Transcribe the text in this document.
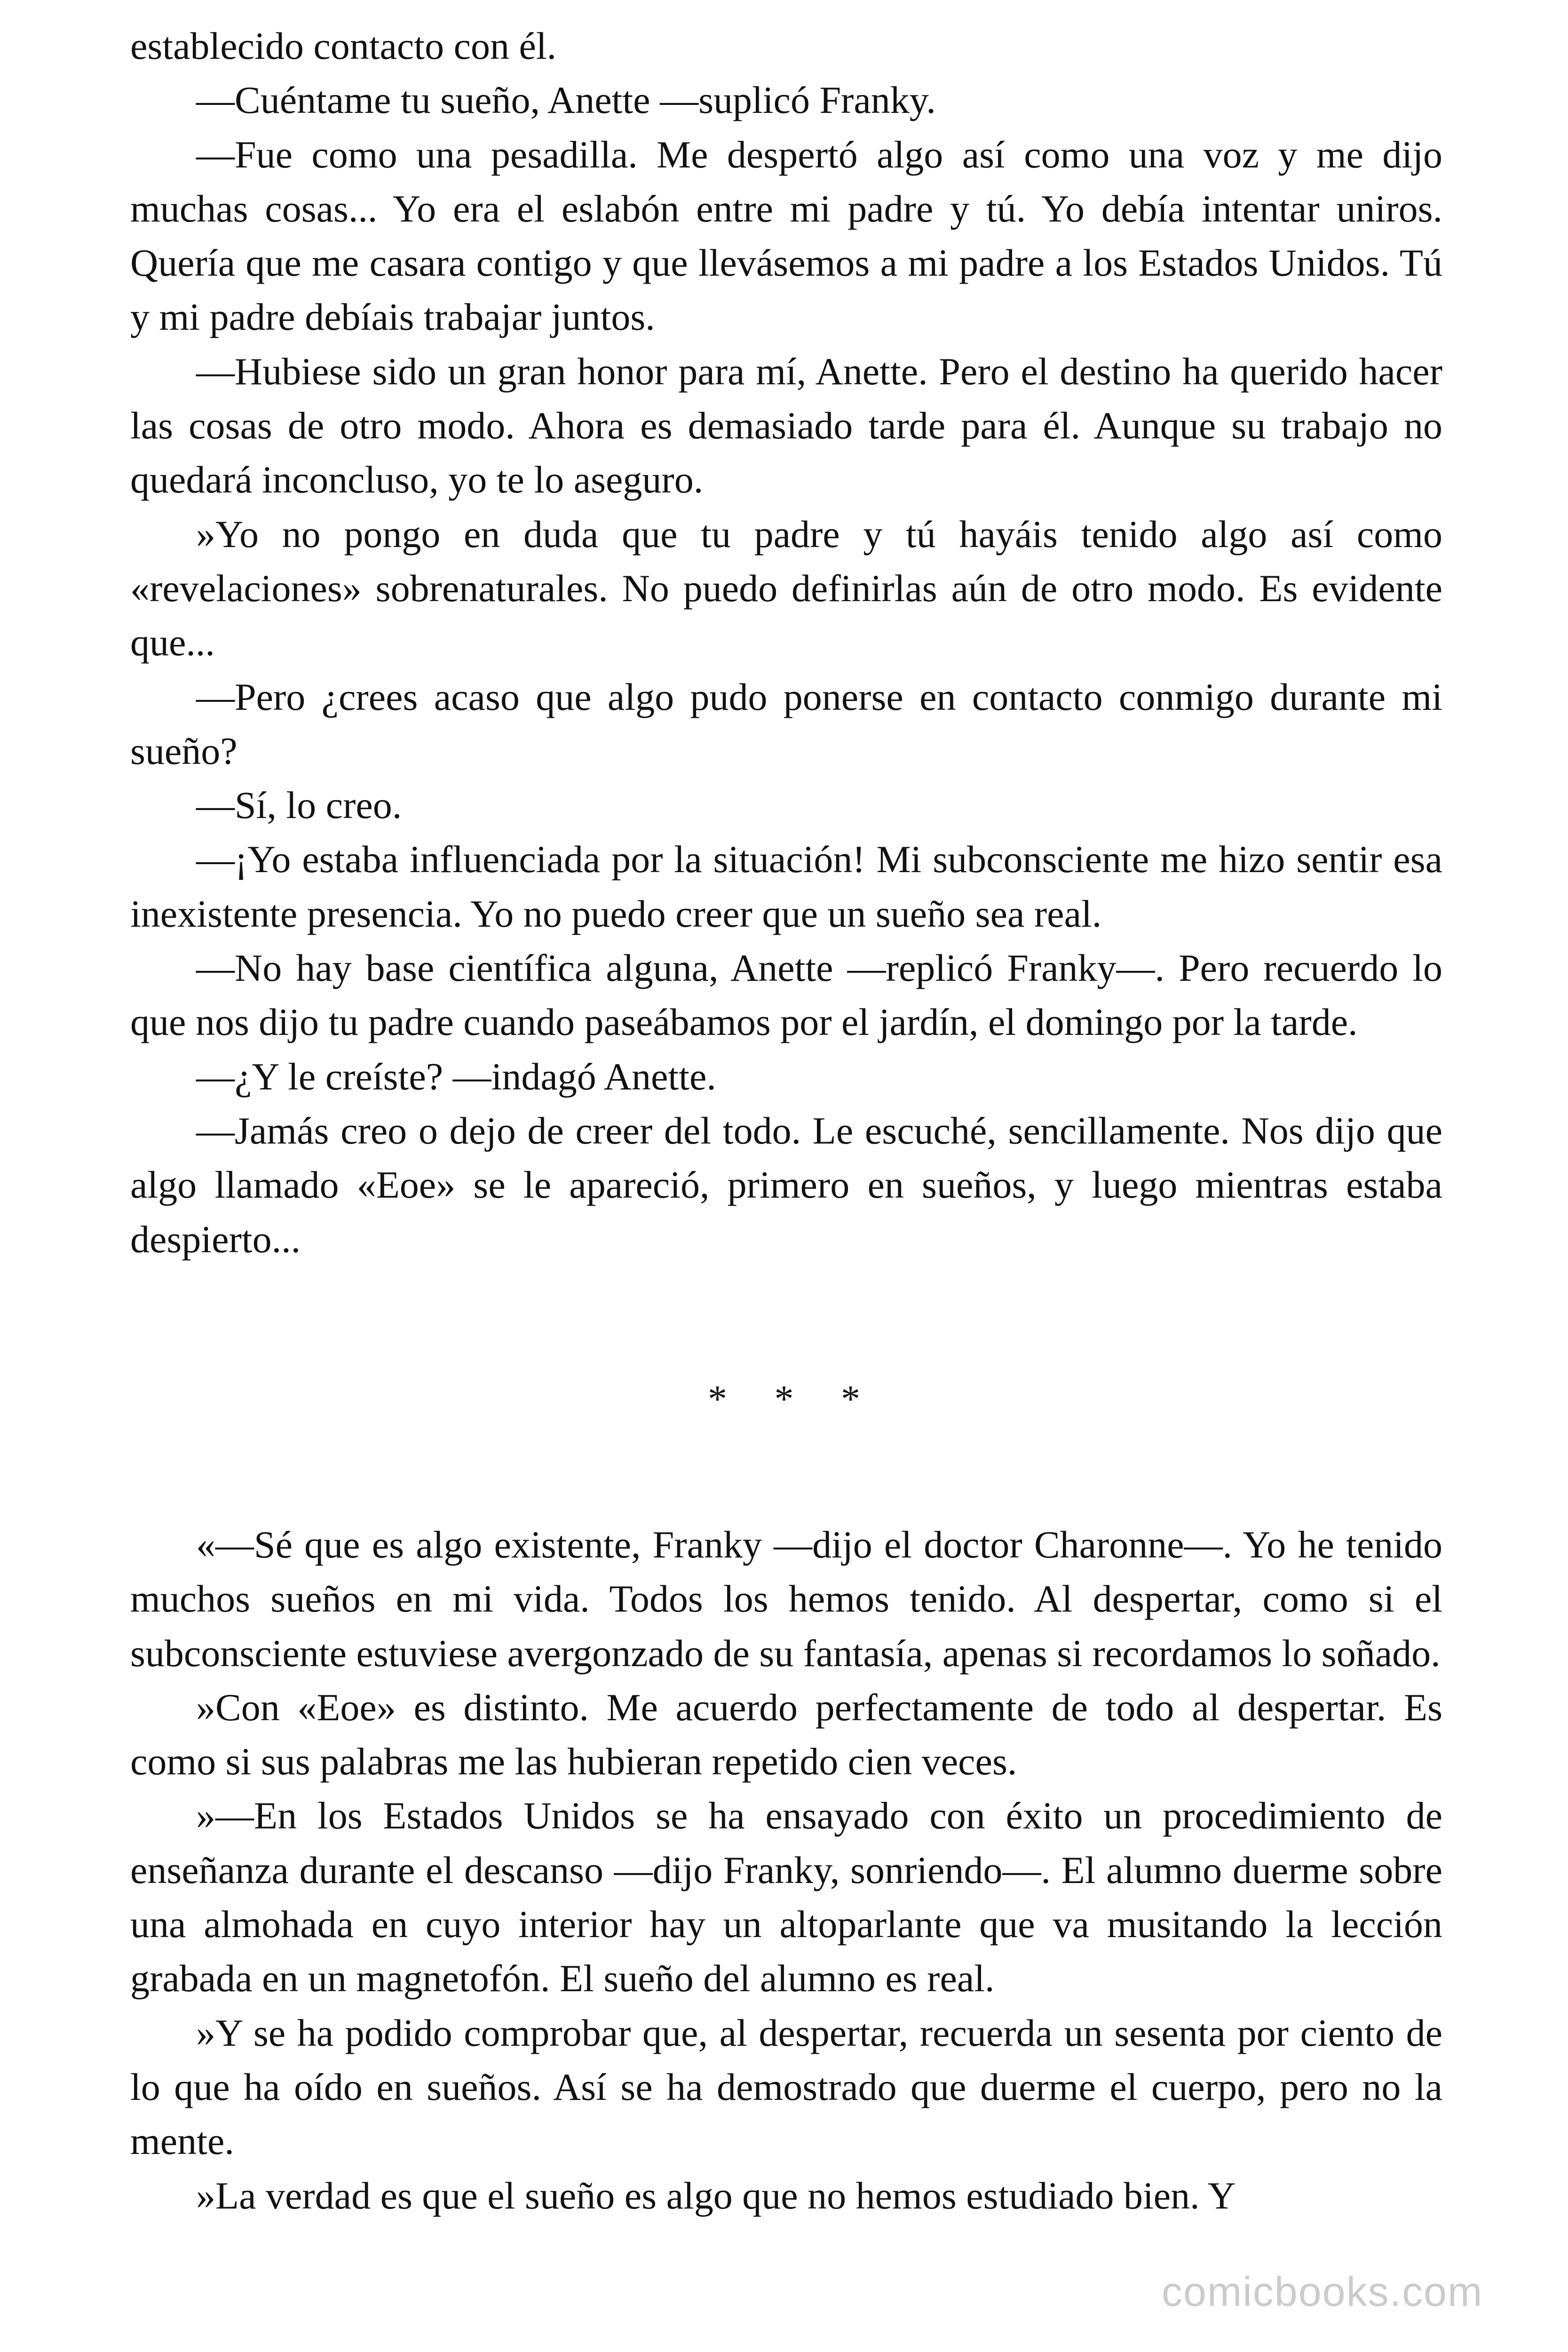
establecido contacto con él.

—Cuéntame tu sueño, Anette —suplicó Franky.

—Fue como una pesadilla. Me despertó algo así como una voz y me dijo muchas cosas... Yo era el eslabón entre mi padre y tú. Yo debía intentar uniros. Quería que me casara contigo y que llevásemos a mi padre a los Estados Unidos. Tú y mi padre debíais trabajar juntos.

—Hubiese sido un gran honor para mí, Anette. Pero el destino ha querido hacer las cosas de otro modo. Ahora es demasiado tarde para él. Aunque su trabajo no quedará inconcluso, yo te lo aseguro.

»Yo no pongo en duda que tu padre y tú hayáis tenido algo así como «revelaciones» sobrenaturales. No puedo definirlas aún de otro modo. Es evidente que...

—Pero ¿crees acaso que algo pudo ponerse en contacto conmigo durante mi sueño?

—Sí, lo creo.

—¡Yo estaba influenciada por la situación! Mi subconsciente me hizo sentir esa inexistente presencia. Yo no puedo creer que un sueño sea real.

—No hay base científica alguna, Anette —replicó Franky—. Pero recuerdo lo que nos dijo tu padre cuando paseábamos por el jardín, el domingo por la tarde.

—¿Y le creíste? —indagó Anette.

—Jamás creo o dejo de creer del todo. Le escuché, sencillamente. Nos dijo que algo llamado «Eoe» se le apareció, primero en sueños, y luego mientras estaba despierto...

* * *

«—Sé que es algo existente, Franky —dijo el doctor Charonne—. Yo he tenido muchos sueños en mi vida. Todos los hemos tenido. Al despertar, como si el subconsciente estuviese avergonzado de su fantasía, apenas si recordamos lo soñado.

»Con «Eoe» es distinto. Me acuerdo perfectamente de todo al despertar. Es como si sus palabras me las hubieran repetido cien veces.

»—En los Estados Unidos se ha ensayado con éxito un procedimiento de enseñanza durante el descanso —dijo Franky, sonriendo—. El alumno duerme sobre una almohada en cuyo interior hay un altoparlante que va musitando la lección grabada en un magnetofón. El sueño del alumno es real.

»Y se ha podido comprobar que, al despertar, recuerda un sesenta por ciento de lo que ha oído en sueños. Así se ha demostrado que duerme el cuerpo, pero no la mente.

»La verdad es que el sueño es algo que no hemos estudiado bien. Y

comicbooks.com
